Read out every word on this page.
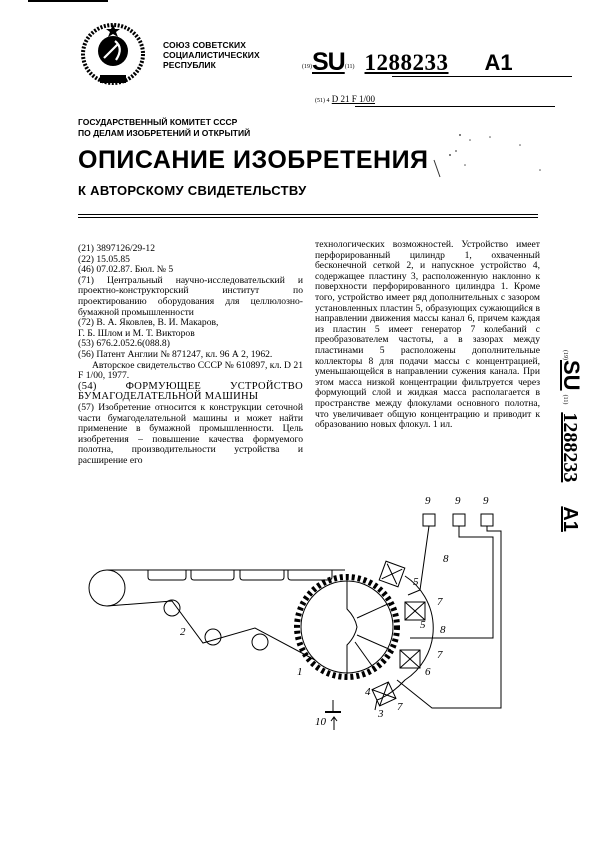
СОЮЗ СОВЕТСКИХ
СОЦИАЛИСТИЧЕСКИХ
РЕСПУБЛИК
ГОСУДАРСТВЕННЫЙ КОМИТЕТ СССР
ПО ДЕЛАМ ИЗОБРЕТЕНИЙ И ОТКРЫТИЙ
(19)SU(11) 1288233 A1
(51) 4 D 21 F 1/00
ОПИСАНИЕ ИЗОБРЕТЕНИЯ
К АВТОРСКОМУ СВИДЕТЕЛЬСТВУ

(21) 3897126/29-12

(22) 15.05.85

(46) 07.02.87. Бюл. № 5

(71) Центральный научно-исследовательский и проектно-конструкторский институт по проектированию оборудования для целлюлозно-бумажной промышленности

(72) В. А. Яковлев, В. И. Макаров,

Г. Б. Шлом и М. Т. Викторов

(53) 676.2.052.6(088.8)

(56) Патент Англии № 871247, кл. 96 А 2, 1962.

Авторское свидетельство СССР № 610897, кл. D 21 F 1/00, 1977.

(54) ФОРМУЮЩЕЕ УСТРОЙСТВО БУМАГОДЕЛАТЕЛЬНОЙ МАШИНЫ

(57) Изобретение относится к конструкции сеточной части бумагоделательной машины и может найти применение в бумажной промышленности. Цель изобретения – повышение качества формуемого полотна, производительности устройства и расширение его

технологических возможностей. Устройство имеет перфорированный цилиндр 1, охваченный бесконечной сеткой 2, и напускное устройство 4, содержащее пластину 3, расположенную наклонно к поверхности перфорированного цилиндра 1. Кроме того, устройство имеет ряд дополнительных с зазором установленных пластин 5, образующих сужающийся в направлении движения массы канал 6, причем каждая из пластин 5 имеет генератор 7 колебаний с преобразователем частоты, а в зазорах между пластинами 5 расположены дополнительные коллекторы 8 для подачи массы с концентрацией, уменьшающейся в направлении сужения канала. При этом масса низкой концентрации фильтруется через формующий слой и жидкая масса располагается в пространстве между флокулами основного полотна, что увеличивает общую концентрацию и приводит к образованию новых флокул. 1 ил.

(19)SU (11)1288233A1
2
1
4
3
5
5
6
7
7
7
8
8
9 9 9
10
